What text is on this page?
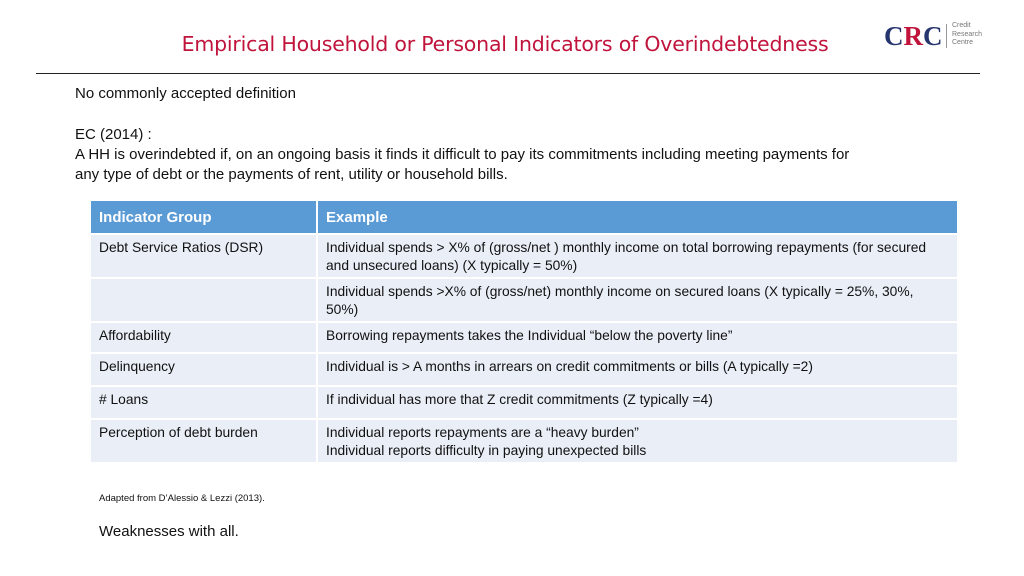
Empirical Household or Personal Indicators of Overindebtedness	CRC Credit
Research
Centre
No commonly accepted definition
EC (2014) :
A HH is overindebted if, on an ongoing basis it finds it difficult to pay its commitments including meeting payments for any type of debt or the payments of rent, utility or household bills.
Indicator Group	Example
Debt Service Ratios (DSR)	Individual spends > X% of (gross/net ) monthly income on total borrowing repayments (for secured and unsecured loans) (X typically = 50%)
	Individual spends >X% of (gross/net) monthly income on secured loans (X typically = 25%, 30%, 50%)
Affordability	Borrowing repayments takes the Individual “below the poverty line”
Delinquency	Individual is > A months in arrears on credit commitments or bills (A typically =2)
# Loans	If individual has more that Z credit commitments (Z typically =4)
Perception of debt burden	Individual reports repayments are a “heavy burden”
Individual reports difficulty in paying unexpected bills
Adapted from D’Alessio & Lezzi (2013).
Weaknesses with all.
